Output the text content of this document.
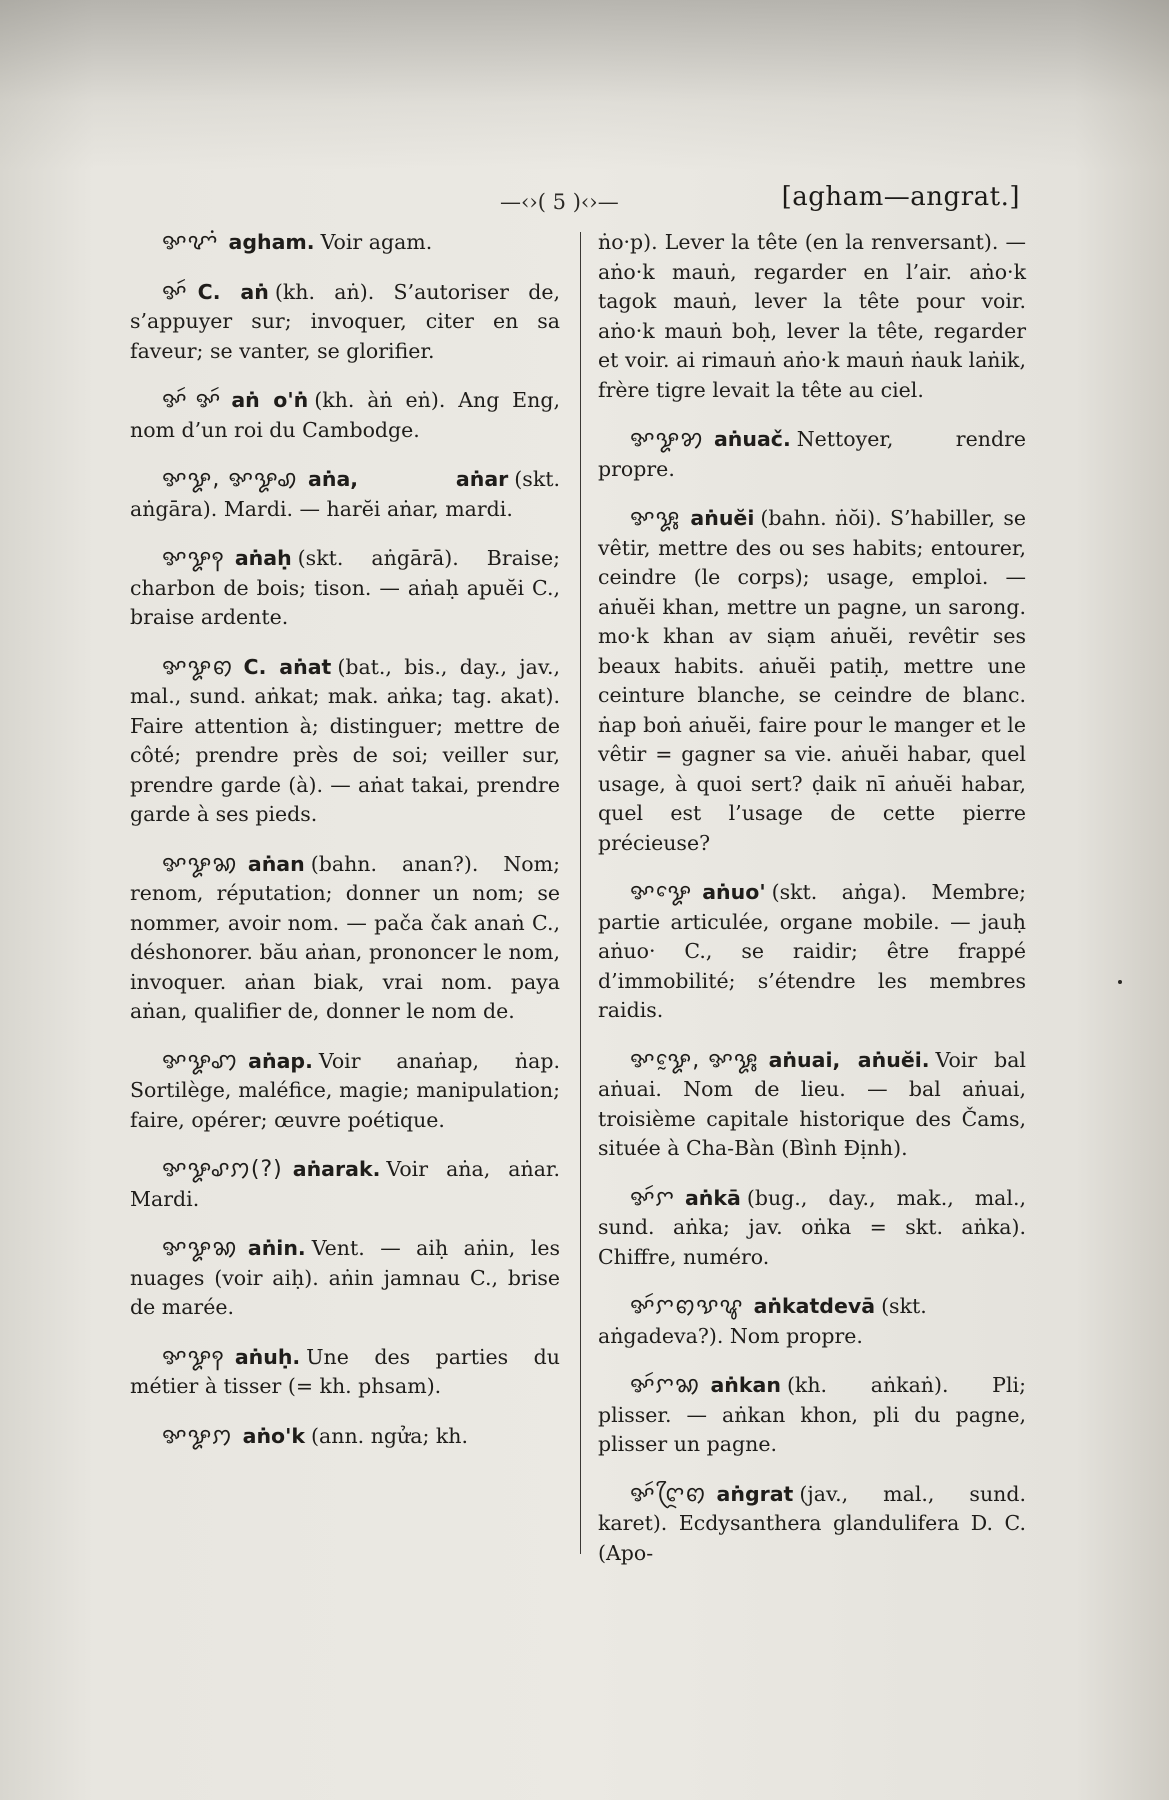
—‹›( 5 )‹›—
[	agham—angrat. ]

ꨀꨉꩌ agham. Voir agam.

ꨀꩃ C. aṅ (kh. aṅ). S’autoriser de, s’appuyer sur; invoquer, citer en sa faveur; se vanter, se glorifier.

ꨀꩃ ꨀꩃ aṅ o'ṅ (kh. àṅ eṅ). Ang Eng, nom d’un roi du Cambodge.

ꨀꨋ, ꨀꨋꩉ aṅa, aṅar (skt. aṅgāra). Mardi. — harĕi aṅar, mardi.

ꨀꨋꩍ aṅaḥ (skt. aṅgārā). Braise; charbon de bois; tison. — aṅaḥ apuĕi C., braise ardente.

ꨀꨋꩅ C. aṅat (bat., bis., day., jav., mal., sund. aṅkat; mak. aṅka; tag. akat). Faire attention à; distinguer; mettre de côté; prendre près de soi; veiller sur, prendre garde (à). — aṅat takai, prendre garde à ses pieds.

ꨀꨋꩆ aṅan (bahn. anan?). Nom; renom, réputation; donner un nom; se nommer, avoir nom. — pača čak anaṅ C., déshonorer. bău aṅan, prononcer le nom, invoquer. aṅan biak, vrai nom. paya aṅan, qualifier de, donner le nom de.

ꨀꨋꩇ aṅap. Voir anaṅap, ṅap. Sortilège, maléfice, magie; manipulation; faire, opérer; œuvre poétique.

ꨀꨋꨣꩀ(?) aṅarak. Voir aṅa, aṅar. Mardi.

ꨀꨋꩆ aṅin. Vent. — aiḥ aṅin, les nuages (voir aiḥ). aṅin jamnau C., brise de marée.

ꨀꨋꩍ aṅuḥ. Une des parties du métier à tisser (= kh. phsam).

ꨀꨋꩀ aṅo'k (ann. ngửa; kh.

ṅo·p). Lever la tête (en la renversant). — aṅo·k mauṅ, regarder en l’air. aṅo·k tagok mauṅ, lever la tête pour voir. aṅo·k mauṅ boḥ, lever la tête, regarder et voir. ai rimauṅ aṅo·k mauṅ ṅauk laṅik, frère tigre levait la tête au ciel.

ꨀꨋꩄ aṅuač. Nettoyer, rendre propre.

ꨀꨋꨶ aṅuĕi (bahn. ṅŏi). S’habiller, se vêtir, mettre des ou ses habits; entourer, ceindre (le corps); usage, emploi. — aṅuĕi khan, mettre un pagne, un sarong. mo·k khan av siạm aṅuĕi, revêtir ses beaux habits. aṅuĕi patiḥ, mettre une ceinture blanche, se ceindre de blanc. ṅap boṅ aṅuĕi, faire pour le manger et le vêtir = gagner sa vie. aṅuĕi habar, quel usage, à quoi sert? ḍaik nī aṅuĕi habar, quel est l’usage de cette pierre précieuse?

ꨀꨋꨯ aṅuo' (skt. aṅga). Membre; partie articulée, organe mobile. — jauḥ aṅuo· C., se raidir; être frappé d’immobilité; s’étendre les membres raidis.

ꨀꨋꨰ, ꨀꨋꨶ aṅuai, aṅuĕi. Voir bal aṅuai. Nom de lieu. — bal aṅuai, troisième capitale historique des Čams, située à Cha-Bàn (Bình Định).

ꨀꩃꨆ aṅkā (bug., day., mak., mal., sund. aṅka; jav. oṅka = skt. aṅka). Chiffre, numéro.

ꨀꩃꨆꩅꨕꨥ aṅkatdevā (skt. aṅgadeva?). Nom propre.

ꨀꩃꨆꩆ aṅkan (kh. aṅkaṅ). Pli; plisser. — aṅkan khon, pli du pagne, plisser un pagne.

ꨀꩃꨈꨴꩅ aṅgrat (jav., mal., sund. karet). Ecdysanthera glandulifera D. C. (Apo-
